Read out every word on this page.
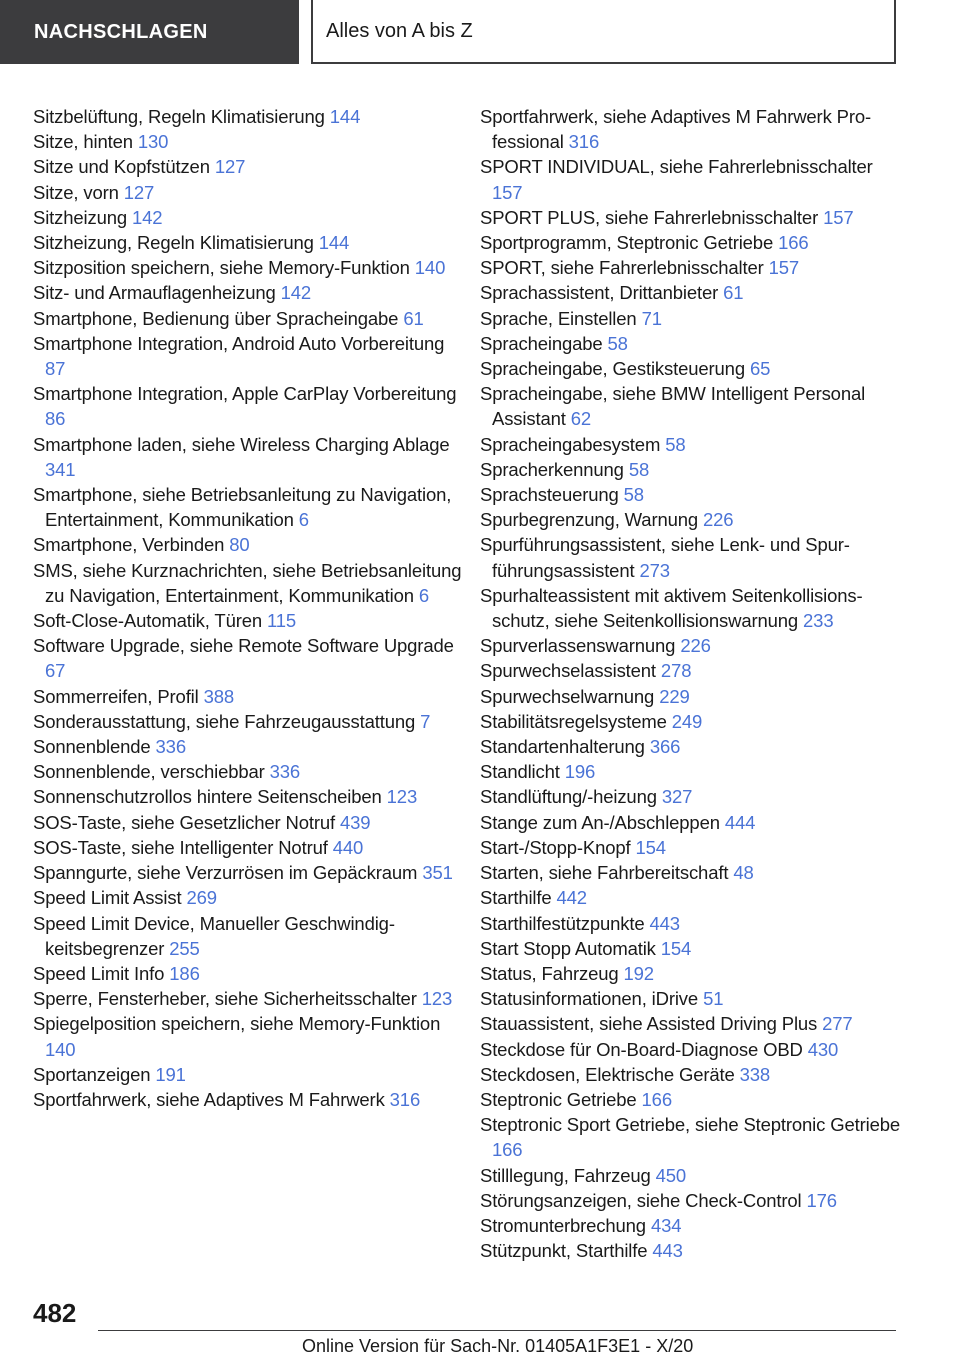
NACHSCHLAGEN	Alles von A bis Z
Sitzbelüftung, Regeln Klimatisierung 144
Sitze, hinten 130
Sitze und Kopfstützen 127
Sitze, vorn 127
Sitzheizung 142
Sitzheizung, Regeln Klimatisierung 144
Sitzposition speichern, siehe Memory-Funktion 140
Sitz- und Armauflagenheizung 142
Smartphone, Bedienung über Spracheingabe 61
Smartphone Integration, Android Auto Vorbereitung 87
Smartphone Integration, Apple CarPlay Vorbereitung 86
Smartphone laden, siehe Wireless Charging Ablage 341
Smartphone, siehe Betriebsanleitung zu Navigation, Entertainment, Kommunikation 6
Smartphone, Verbinden 80
SMS, siehe Kurznachrichten, siehe Betriebsanleitung zu Navigation, Entertainment, Kommunikation 6
Soft-Close-Automatik, Türen 115
Software Upgrade, siehe Remote Software Upgrade 67
Sommerreifen, Profil 388
Sonderausstattung, siehe Fahrzeugausstattung 7
Sonnenblende 336
Sonnenblende, verschiebbar 336
Sonnenschutzrollos hintere Seitenscheiben 123
SOS-Taste, siehe Gesetzlicher Notruf 439
SOS-Taste, siehe Intelligenter Notruf 440
Spanngurte, siehe Verzurrösen im Gepäckraum 351
Speed Limit Assist 269
Speed Limit Device, Manueller Geschwindigkeitsbegrenzer 255
Speed Limit Info 186
Sperre, Fensterheber, siehe Sicherheitsschalter 123
Spiegelposition speichern, siehe Memory-Funktion 140
Sportanzeigen 191
Sportfahrwerk, siehe Adaptives M Fahrwerk 316
Sportfahrwerk, siehe Adaptives M Fahrwerk Professional 316
SPORT INDIVIDUAL, siehe Fahrerlebnisschalter 157
SPORT PLUS, siehe Fahrerlebnisschalter 157
Sportprogramm, Steptronic Getriebe 166
SPORT, siehe Fahrerlebnisschalter 157
Sprachassistent, Drittanbieter 61
Sprache, Einstellen 71
Spracheingabe 58
Spracheingabe, Gestiksteuerung 65
Spracheingabe, siehe BMW Intelligent Personal Assistant 62
Spracheingabesystem 58
Spracherkennung 58
Sprachsteuerung 58
Spurbegrenzung, Warnung 226
Spurführungsassistent, siehe Lenk- und Spurführungsassistent 273
Spurhalteassistent mit aktivem Seitenkollisionsschutz, siehe Seitenkollisionswarnung 233
Spurverlassenswarnung 226
Spurwechselassistent 278
Spurwechselwarnung 229
Stabilitätsregelsysteme 249
Standartenhalterung 366
Standlicht 196
Standlüftung/-heizung 327
Stange zum An-/Abschleppen 444
Start-/Stopp-Knopf 154
Starten, siehe Fahrbereitschaft 48
Starthilfe 442
Starthilfestützpunkte 443
Start Stopp Automatik 154
Status, Fahrzeug 192
Statusinformationen, iDrive 51
Stauassistent, siehe Assisted Driving Plus 277
Steckdose für On-Board-Diagnose OBD 430
Steckdosen, Elektrische Geräte 338
Steptronic Getriebe 166
Steptronic Sport Getriebe, siehe Steptronic Getriebe 166
Stilllegung, Fahrzeug 450
Störungsanzeigen, siehe Check-Control 176
Stromunterbrechung 434
Stützpunkt, Starthilfe 443
482
Online Version für Sach-Nr. 01405A1F3E1 - X/20
